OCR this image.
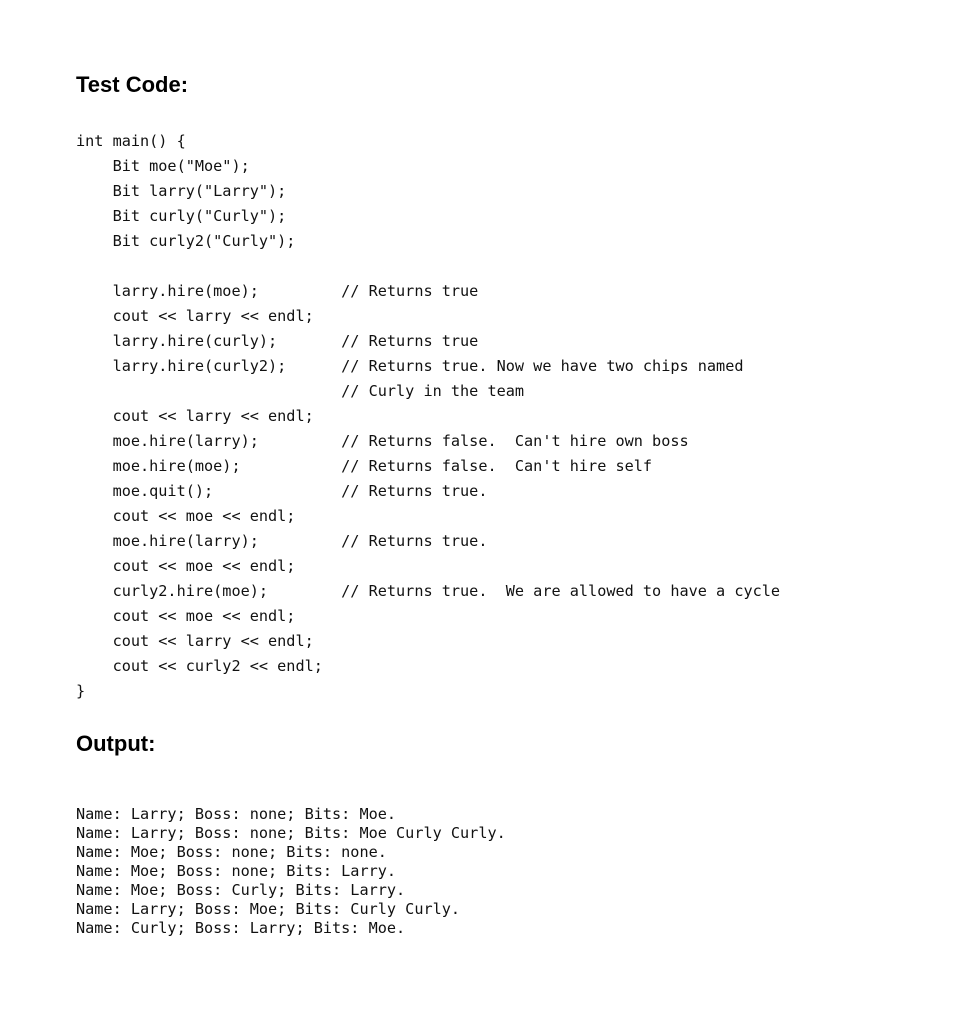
Test Code:
int main() {
Bit moe("Moe");
Bit larry("Larry");
Bit curly("Curly");
Bit curly2("Curly");
larry.hire(moe);         // Returns true
cout << larry << endl;
larry.hire(curly);       // Returns true
larry.hire(curly2);      // Returns true. Now we have two chips named
// Curly in the team
cout << larry << endl;
moe.hire(larry);         // Returns false.  Can't hire own boss
moe.hire(moe);           // Returns false.  Can't hire self
moe.quit();              // Returns true.
cout << moe << endl;
moe.hire(larry);         // Returns true.
cout << moe << endl;
curly2.hire(moe);        // Returns true.  We are allowed to have a cycle
cout << moe << endl;
cout << larry << endl;
cout << curly2 << endl;
}
Output:
Name: Larry; Boss: none; Bits: Moe.
Name: Larry; Boss: none; Bits: Moe Curly Curly.
Name: Moe; Boss: none; Bits: none.
Name: Moe; Boss: none; Bits: Larry.
Name: Moe; Boss: Curly; Bits: Larry.
Name: Larry; Boss: Moe; Bits: Curly Curly.
Name: Curly; Boss: Larry; Bits: Moe.
